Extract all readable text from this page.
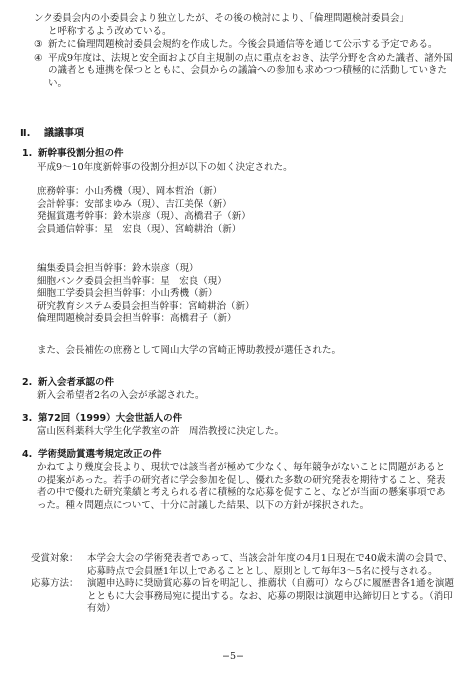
ンク委員会内の小委員会より独立したが、その後の検討により、「倫理問題検討委員会」

と呼称するよう改めている。

③ 新たに倫理問題検討委員会規約を作成した。今後会員通信等を通じて公示する予定である。
④ 平成9年度は、法規と安全面および自主規制の点に重点をおき、法学分野を含めた識者、諸外国の識者とも連携を保つとともに、会員からの議論への参加も求めつつ積極的に活動していきたい。
Ⅱ. 議議事項
1. 新幹事役割分担の件

平成9～10年度新幹事の役割分担が以下の如く決定された。

庶務幹事：小山秀機（現）、岡本哲治（新）
会計幹事：安部まゆみ（現）、吉江美保（新）
発掘賞選考幹事：鈴木崇彦（現）、高橋君子（新）
会員通信幹事：星　宏良（現）、宮崎耕治（新）
編集委員会担当幹事：鈴木崇彦（現）
細胞バンク委員会担当幹事：星　宏良（現）
細胞工学委員会担当幹事：小山秀機（新）
研究教育システム委員会担当幹事：宮崎耕治（新）
倫理問題検討委員会担当幹事：高橋君子（新）

また、会長補佐の庶務として岡山大学の宮崎正博助教授が選任された。

2. 新入会者承認の件

新入会希望者2名の入会が承認された。

3. 第72回（1999）大会世話人の件

富山医科薬科大学生化学教室の許　周浩教授に決定した。

4. 学術奨励賞選考規定改正の件

かねてより幾度会長より、現状では該当者が極めて少なく、毎年競争がないことに問題があるとの提案があった。若手の研究者に学会参加を促し、優れた多数の研究発表を期待すること、発表者の中で優れた研究業績と考えられる者に積極的な応募を促すこと、などが当面の懸案事項であった。種々問題点について、十分に討議した結果、以下の方針が採択された。

受賞対象： 本学会大会の学術発表者であって、当該会計年度の4月1日現在で40歳未満の会員で、応募時点で会員歴1年以上であることとし、原則として毎年3～5名に授与される。
応募方法： 演題申込時に奨励賞応募の旨を明記し、推薦状（自薦可）ならびに履歴書各1通を演題とともに大会事務局宛に提出する。なお、応募の期限は演題申込締切日とする。（消印有効）
−5−
